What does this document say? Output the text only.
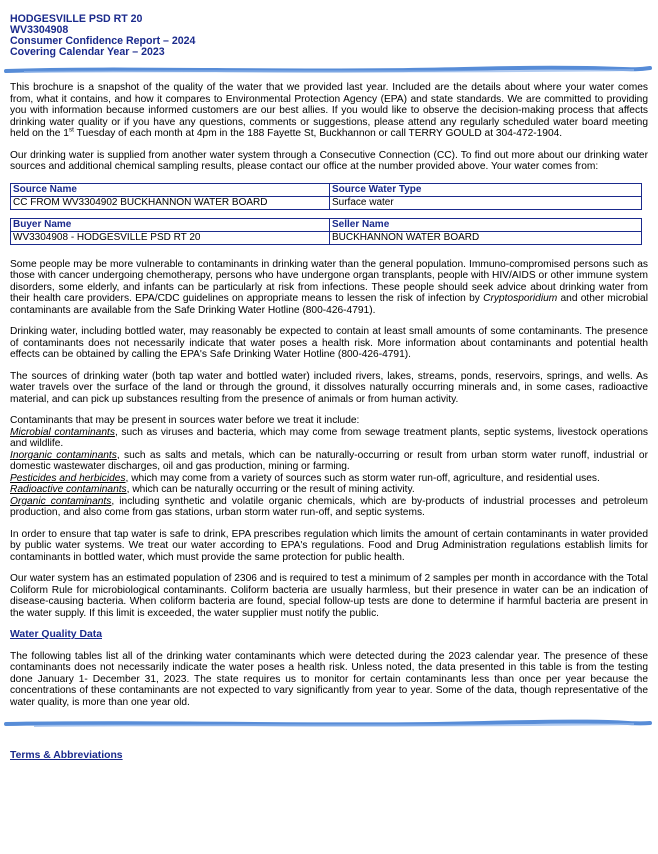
HODGESVILLE PSD RT 20

WV3304908

Consumer Confidence Report – 2024

Covering Calendar Year – 2023

This brochure is a snapshot of the quality of the water that we provided last year. Included are the details about where your water comes from, what it contains, and how it compares to Environmental Protection Agency (EPA) and state standards. We are committed to providing you with information because informed customers are our best allies. If you would like to observe the decision-making process that affects drinking water quality or if you have any questions, comments or suggestions, please attend any regularly scheduled water board meeting held on the 1st Tuesday of each month at 4pm in the 188 Fayette St, Buckhannon or call TERRY GOULD at 304-472-1904.

Our drinking water is supplied from another water system through a Consecutive Connection (CC). To find out more about our drinking water sources and additional chemical sampling results, please contact our office at the number provided above. Your water comes from:

Source Name	Source Water Type
CC FROM WV3304902 BUCKHANNON WATER BOARD	Surface water
Buyer Name	Seller Name
WV3304908 - HODGESVILLE PSD RT 20	BUCKHANNON WATER BOARD

Some people may be more vulnerable to contaminants in drinking water than the general population. Immuno-compromised persons such as those with cancer undergoing chemotherapy, persons who have undergone organ transplants, people with HIV/AIDS or other immune system disorders, some elderly, and infants can be particularly at risk from infections. These people should seek advice about drinking water from their health care providers. EPA/CDC guidelines on appropriate means to lessen the risk of infection by Cryptosporidium and other microbial contaminants are available from the Safe Drinking Water Hotline (800-426-4791).

Drinking water, including bottled water, may reasonably be expected to contain at least small amounts of some contaminants. The presence of contaminants does not necessarily indicate that water poses a health risk. More information about contaminants and potential health effects can be obtained by calling the EPA's Safe Drinking Water Hotline (800-426-4791).

The sources of drinking water (both tap water and bottled water) included rivers, lakes, streams, ponds, reservoirs, springs, and wells. As water travels over the surface of the land or through the ground, it dissolves naturally occurring minerals and, in some cases, radioactive material, and can pick up substances resulting from the presence of animals or from human activity.

Contaminants that may be present in sources water before we treat it include:

Microbial contaminants, such as viruses and bacteria, which may come from sewage treatment plants, septic systems, livestock operations and wildlife.

Inorganic contaminants, such as salts and metals, which can be naturally-occurring or result from urban storm water runoff, industrial or domestic wastewater discharges, oil and gas production, mining or farming.

Pesticides and herbicides, which may come from a variety of sources such as storm water run-off, agriculture, and residential uses.

Radioactive contaminants, which can be naturally occurring or the result of mining activity.

Organic contaminants, including synthetic and volatile organic chemicals, which are by-products of industrial processes and petroleum production, and also come from gas stations, urban storm water run-off, and septic systems.

In order to ensure that tap water is safe to drink, EPA prescribes regulation which limits the amount of certain contaminants in water provided by public water systems. We treat our water according to EPA's regulations. Food and Drug Administration regulations establish limits for contaminants in bottled water, which must provide the same protection for public health.

Our water system has an estimated population of 2306 and is required to test a minimum of 2 samples per month in accordance with the Total Coliform Rule for microbiological contaminants. Coliform bacteria are usually harmless, but their presence in water can be an indication of disease-causing bacteria. When coliform bacteria are found, special follow-up tests are done to determine if harmful bacteria are present in the water supply. If this limit is exceeded, the water supplier must notify the public.

Water Quality Data

The following tables list all of the drinking water contaminants which were detected during the 2023 calendar year. The presence of these contaminants does not necessarily indicate the water poses a health risk. Unless noted, the data presented in this table is from the testing done January 1- December 31, 2023. The state requires us to monitor for certain contaminants less than once per year because the concentrations of these contaminants are not expected to vary significantly from year to year. Some of the data, though representative of the water quality, is more than one year old.

Terms & Abbreviations
